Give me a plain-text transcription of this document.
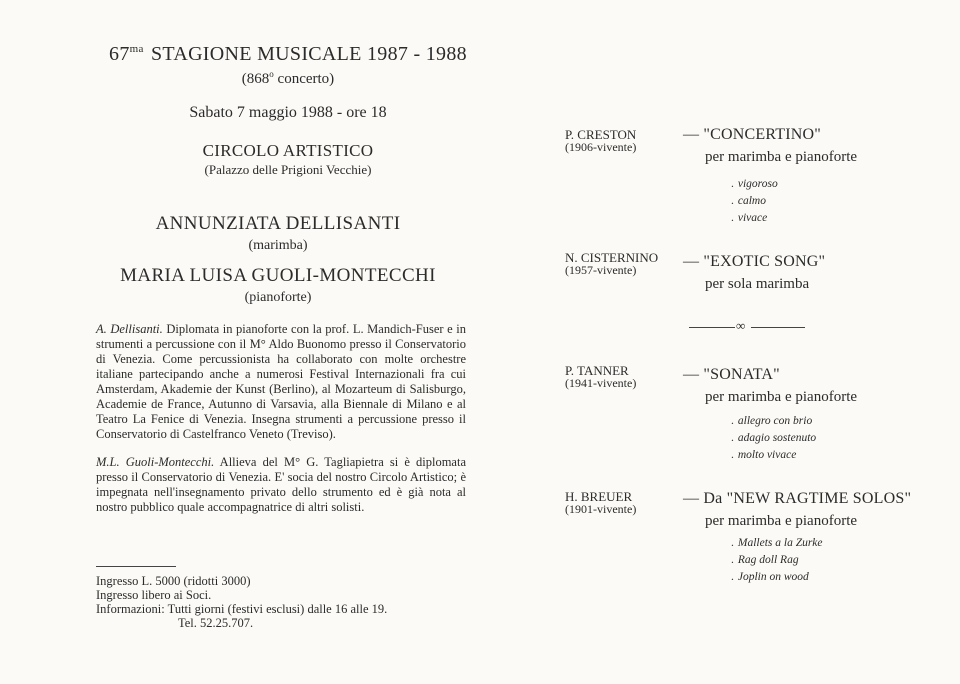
$67^{ma}$ STAGIONE MUSICALE 1987 - 1988
(868$^o$ concerto)
Sabato 7 maggio 1988 - ore 18
CIRCOLO ARTISTICO
(Palazzo delle Prigioni Vecchie)
ANNUNZIATA DELLISANTI
(marimba)
MARIA LUISA GUOLI-MONTECCHI
(pianoforte)
A. Dellisanti. Diplomata in pianoforte con la prof. L. Mandich-Fuser e in strumenti a percussione con il M° Aldo Buonomo presso il Conservatorio di Venezia. Come percussionista ha collaborato con molte orchestre italiane partecipando anche a numerosi Festival Internazionali fra cui Amsterdam, Akademie der Kunst (Berlino), al Mozarteum di Salisburgo, Academie de France, Autunno di Varsavia, alla Biennale di Milano e al Teatro La Fenice di Venezia. Insegna strumenti a percussione presso il Conservatorio di Castelfranco Veneto (Treviso).
M.L. Guoli-Montecchi. Allieva del M° G. Tagliapietra si è diplomata presso il Conservatorio di Venezia. E' socia del nostro Circolo Artistico; è impegnata nell'insegnamento privato dello strumento ed è già nota al nostro pubblico quale accompagnatrice di altri solisti.
Ingresso L. 5000 (ridotti 3000)
Ingresso libero ai Soci.
Informazioni: Tutti giorni (festivi esclusi) dalle 16 alle 19.
Tel. 52.25.707.
P. CRESTON
(1906-vivente)
— "CONCERTINO"
per marimba e pianoforte
. vigoroso
. calmo
. vivace
N. CISTERNINO
(1957-vivente)	— "EXOTIC SONG"
per sola marimba
∞
P. TANNER
(1941-vivente)	— "SONATA"
per marimba e pianoforte
. allegro con brio
. adagio sostenuto
. molto vivace
H. BREUER
(1901-vivente)
— Da "NEW RAGTIME SOLOS"
per marimba e pianoforte
. Mallets a la Zurke
. Rag doll Rag
. Joplin on wood
